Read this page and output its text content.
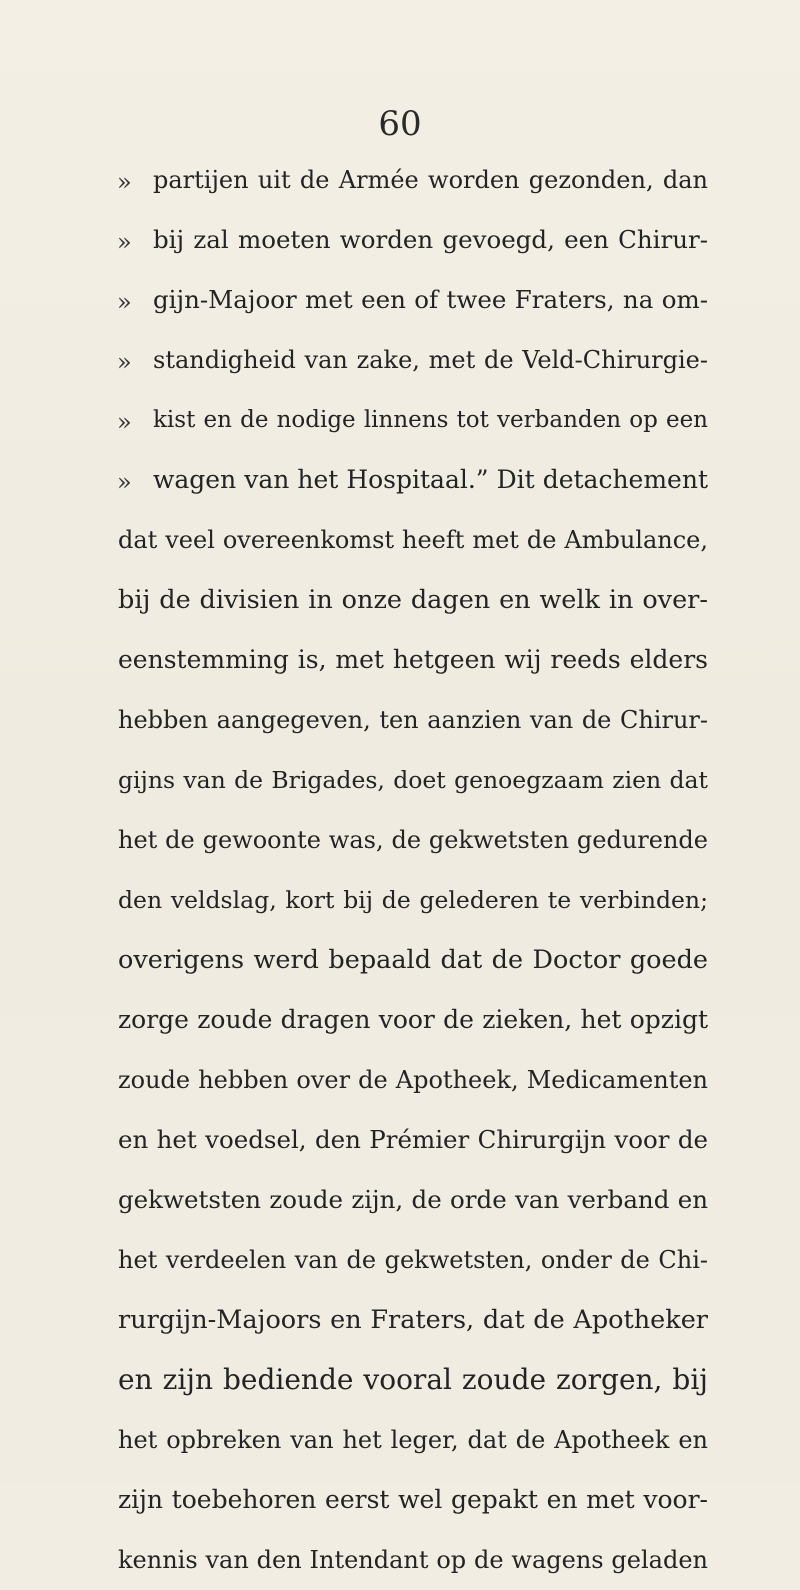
60
» partijen uit de Armée worden gezonden, dan
» bij zal moeten worden gevoegd, een Chirur-
» gijn-Majoor met een of twee Fraters, na om-
» standigheid van zake, met de Veld-Chirurgie-
» kist en de nodige linnens tot verbanden op een
» wagen van het Hospitaal.” Dit detachement
dat veel overeenkomst heeft met de Ambulance,
bij de divisien in onze dagen en welk in over-
eenstemming is, met hetgeen wij reeds elders
hebben aangegeven, ten aanzien van de Chirur-
gijns van de Brigades, doet genoegzaam zien dat
het de gewoonte was, de gekwetsten gedurende
den veldslag, kort bij de gelederen te verbinden;
overigens werd bepaald dat de Doctor goede
zorge zoude dragen voor de zieken, het opzigt
zoude hebben over de Apotheek, Medicamenten
en het voedsel, den Prémier Chirurgijn voor de
gekwetsten zoude zijn, de orde van verband en
het verdeelen van de gekwetsten, onder de Chi-
rurgijn-Majoors en Fraters, dat de Apotheker
en zijn bediende vooral zoude zorgen, bij
het opbreken van het leger, dat de Apotheek en
zijn toebehoren eerst wel gepakt en met voor-
kennis van den Intendant op de wagens geladen
